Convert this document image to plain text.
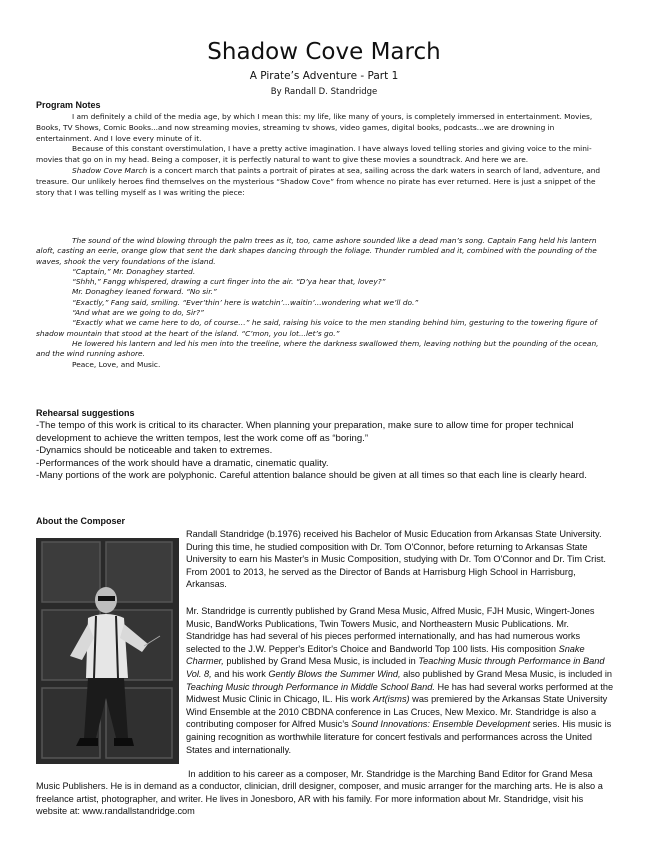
Shadow Cove March
A Pirate’s Adventure - Part 1
By Randall D. Standridge
Program Notes

I am definitely a child of the media age, by which I mean this: my life, like many of yours, is completely immersed in entertainment. Movies, Books, TV Shows, Comic Books...and now streaming movies, streaming tv shows, video games, digital books, podcasts...we are drowning in entertainment. And I love every minute of it.

Because of this constant overstimulation, I have a pretty active imagination. I have always loved telling stories and giving voice to the mini-movies that go on in my head. Being a composer, it is perfectly natural to want to give these movies a soundtrack. And here we are.

Shadow Cove March is a concert march that paints a portrait of pirates at sea, sailing across the dark waters in search of land, adventure, and treasure. Our unlikely heroes find themselves on the mysterious “Shadow Cove” from whence no pirate has ever returned. Here is just a snippet of the story that I was telling myself as I was writing the piece:

The sound of the wind blowing through the palm trees as it, too, came ashore sounded like a dead man’s song. Captain Fang held his lantern aloft, casting an eerie, orange glow that sent the dark shapes dancing through the foliage. Thunder rumbled and it, combined with the pounding of the waves, shook the very foundations of the island.

“Captain,” Mr. Donaghey started.

“Shhh,” Fangg whispered, drawing a curt finger into the air. “D’ya hear that, lovey?”

Mr. Donaghey leaned forward. “No sir.”

“Exactly,” Fang said, smiling. “Ever’thin’ here is watchin’...waitin’...wondering what we’ll do.”

“And what are we going to do, Sir?”

“Exactly what we came here to do, of course…” he said, raising his voice to the men standing behind him, gesturing to the towering figure of shadow mountain that stood at the heart of the island. “C’mon, you lot...let’s go.”

He lowered his lantern and led his men into the treeline, where the darkness swallowed them, leaving nothing but the pounding of the ocean, and the wind running ashore.

Peace, Love, and Music.

Rehearsal suggestions

-The tempo of this work is critical to its character. When planning your preparation, make sure to allow time for proper technical development to achieve the written tempos, lest the work come off as “boring.”

-Dynamics should be noticeable and taken to extremes.

-Performances of the work should have a dramatic, cinematic quality.

-Many portions of the work are polyphonic. Careful attention balance should be given at all times so that each line is clearly heard.

About the Composer
Randall Standridge (b.1976) received his Bachelor of Music Education from Arkansas State University. During this time, he studied composition with Dr. Tom O'Connor, before returning to Arkansas State University to earn his Master's in Music Composition, studying with Dr. Tom O'Connor and Dr. Tim Crist. From 2001 to 2013, he served as the Director of Bands at Harrisburg High School in Harrisburg, Arkansas.
Mr. Standridge is currently published by Grand Mesa Music, Alfred Music, FJH Music, Wingert-Jones Music, BandWorks Publications, Twin Towers Music, and Northeastern Music Publications. Mr. Standridge has had several of his pieces performed internationally, and has had numerous works selected to the J.W. Pepper's Editor's Choice and Bandworld Top 100 lists. His composition Snake Charmer, published by Grand Mesa Music, is included in Teaching Music through Performance in Band Vol. 8, and his work Gently Blows the Summer Wind, also published by Grand Mesa Music, is included in Teaching Music through Performance in Middle School Band. He has had several works performed at the Midwest Music Clinic in Chicago, IL. His work Art(isms) was premiered by the Arkansas State University Wind Ensemble at the 2010 CBDNA conference in Las Cruces, New Mexico. Mr. Standridge is also a contributing composer for Alfred Music’s Sound Innovations: Ensemble Development series. His music is gaining recognition as worthwhile literature for concert festivals and performances across the United States and internationally.
In addition to his career as a composer, Mr. Standridge is the Marching Band Editor for Grand Mesa Music Publishers. He is in demand as a conductor, clinician, drill designer, composer, and music arranger for the marching arts. He is also a freelance artist, photographer, and writer. He lives in Jonesboro, AR with his family. For more information about Mr. Standridge, visit his website at: www.randallstandridge.com
